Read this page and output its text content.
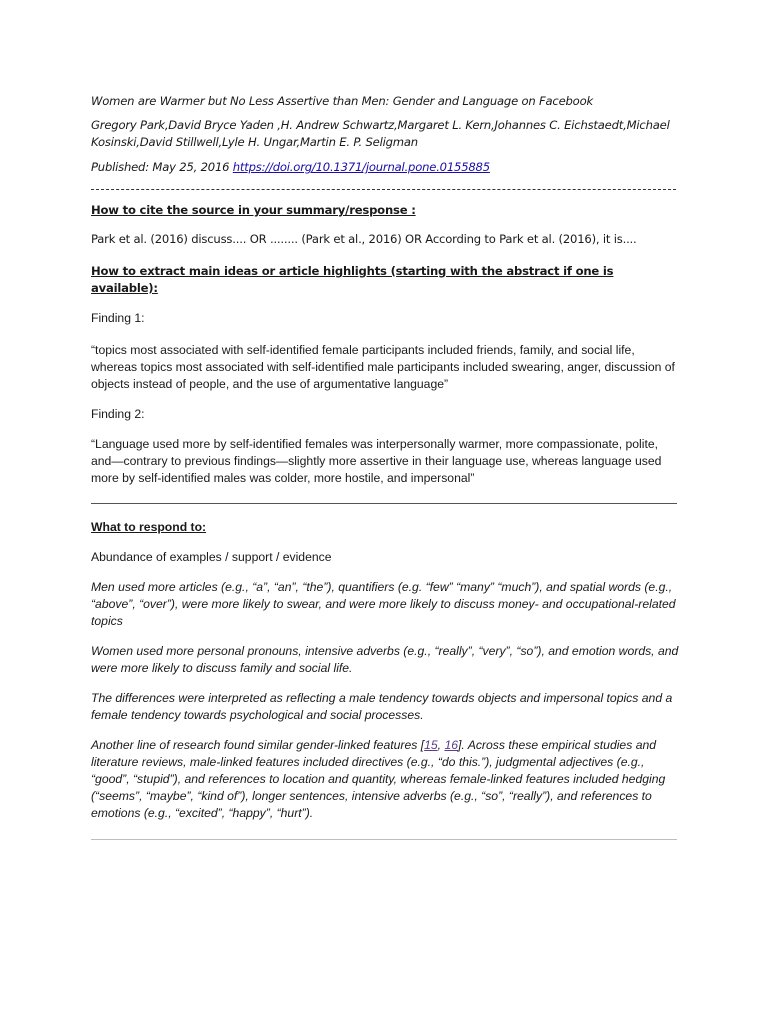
Women are Warmer but No Less Assertive than Men: Gender and Language on Facebook

Gregory Park,David Bryce Yaden ,H. Andrew Schwartz,Margaret L. Kern,Johannes C. Eichstaedt,Michael Kosinski,David Stillwell,Lyle H. Ungar,Martin E. P. Seligman

Published: May 25, 2016 https://doi.org/10.1371/journal.pone.0155885

How to cite the source in your summary/response :

Park et al. (2016) discuss.... OR ........ (Park et al., 2016) OR According to Park et al. (2016), it is....

How to extract main ideas or article highlights (starting with the abstract if one is available):

Finding 1:

“topics most associated with self-identified female participants included friends, family, and social life, whereas topics most associated with self-identified male participants included swearing, anger, discussion of objects instead of people, and the use of argumentative language”

Finding 2:

“Language used more by self-identified females was interpersonally warmer, more compassionate, polite, and—contrary to previous findings—slightly more assertive in their language use, whereas language used more by self-identified males was colder, more hostile, and impersonal”

What to respond to:

Abundance of examples / support / evidence

Men used more articles (e.g., “a”, “an”, “the”), quantifiers (e.g. “few” “many” “much”), and spatial words (e.g., “above”, “over”), were more likely to swear, and were more likely to discuss money- and occupational-related topics

Women used more personal pronouns, intensive adverbs (e.g., “really”, “very”, “so”), and emotion words, and were more likely to discuss family and social life.

The differences were interpreted as reflecting a male tendency towards objects and impersonal topics and a female tendency towards psychological and social processes.

Another line of research found similar gender-linked features [15, 16]. Across these empirical studies and literature reviews, male-linked features included directives (e.g., “do this.”), judgmental adjectives (e.g., “good”, “stupid”), and references to location and quantity, whereas female-linked features included hedging (“seems”, “maybe”, “kind of”), longer sentences, intensive adverbs (e.g., “so”, “really”), and references to emotions (e.g., “excited”, “happy”, “hurt”).
